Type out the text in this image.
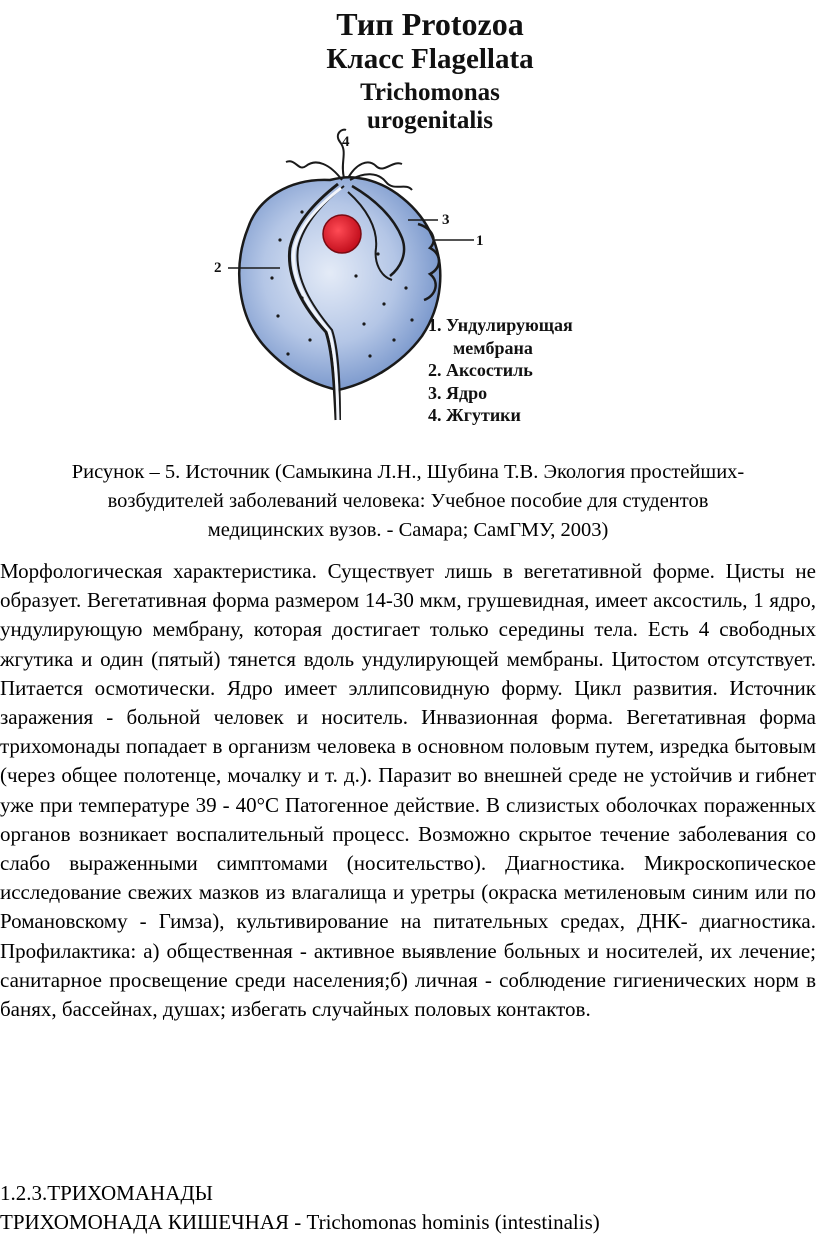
Тип Protozoa
Класс Flagellata
Trichomonas
urogenitalis
4
3
1
2
1. Ундулирующая
мембрана
2. Аксостиль
3. Ядро
4. Жгутики
Рисунок – 5. Источник (Самыкина Л.Н., Шубина Т.В. Экология простейших-
возбудителей заболеваний человека: Учебное пособие для студентов
медицинских вузов. - Самара; СамГМУ, 2003)

Морфологическая характеристика. Существует лишь в вегетативной форме. Цисты не образует. Вегетативная форма размером 14-30 мкм, грушевидная, имеет аксостиль, 1 ядро, ундулирующую мембрану, которая достигает только середины тела. Есть 4 свободных жгутика и один (пятый) тянется вдоль ундулирующей мембраны. Цитостом отсутствует. Питается осмотически. Ядро имеет эллипсовидную форму. Цикл развития. Источник заражения - больной человек и носитель. Инвазионная форма. Вегетативная форма трихомонады попадает в организм человека в основном половым путем, изредка бытовым (через общее полотенце, мочалку и т. д.). Паразит во внешней среде не устойчив и гибнет уже при температуре 39 - 40°С Патогенное действие. В слизистых оболочках пораженных органов возникает воспалительный процесс. Возможно скрытое течение заболевания со слабо выраженными симптомами (носительство). Диагностика. Микроскопическое исследование свежих мазков из влагалища и уретры (окраска метиленовым синим или по Романовскому - Гимза), культивирование на питательных средах, ДНК- диагностика. Профилактика: а) общественная - активное выявление больных и носителей, их лечение; санитарное просвещение среди населения;б) личная - соблюдение гигиенических норм в банях, бассейнах, душах; избегать случайных половых контактов.

1.2.3.ТРИХОМАНАДЫ
ТРИХОМОНАДА КИШЕЧНАЯ - Trichomonas hominis (intestinalis)
